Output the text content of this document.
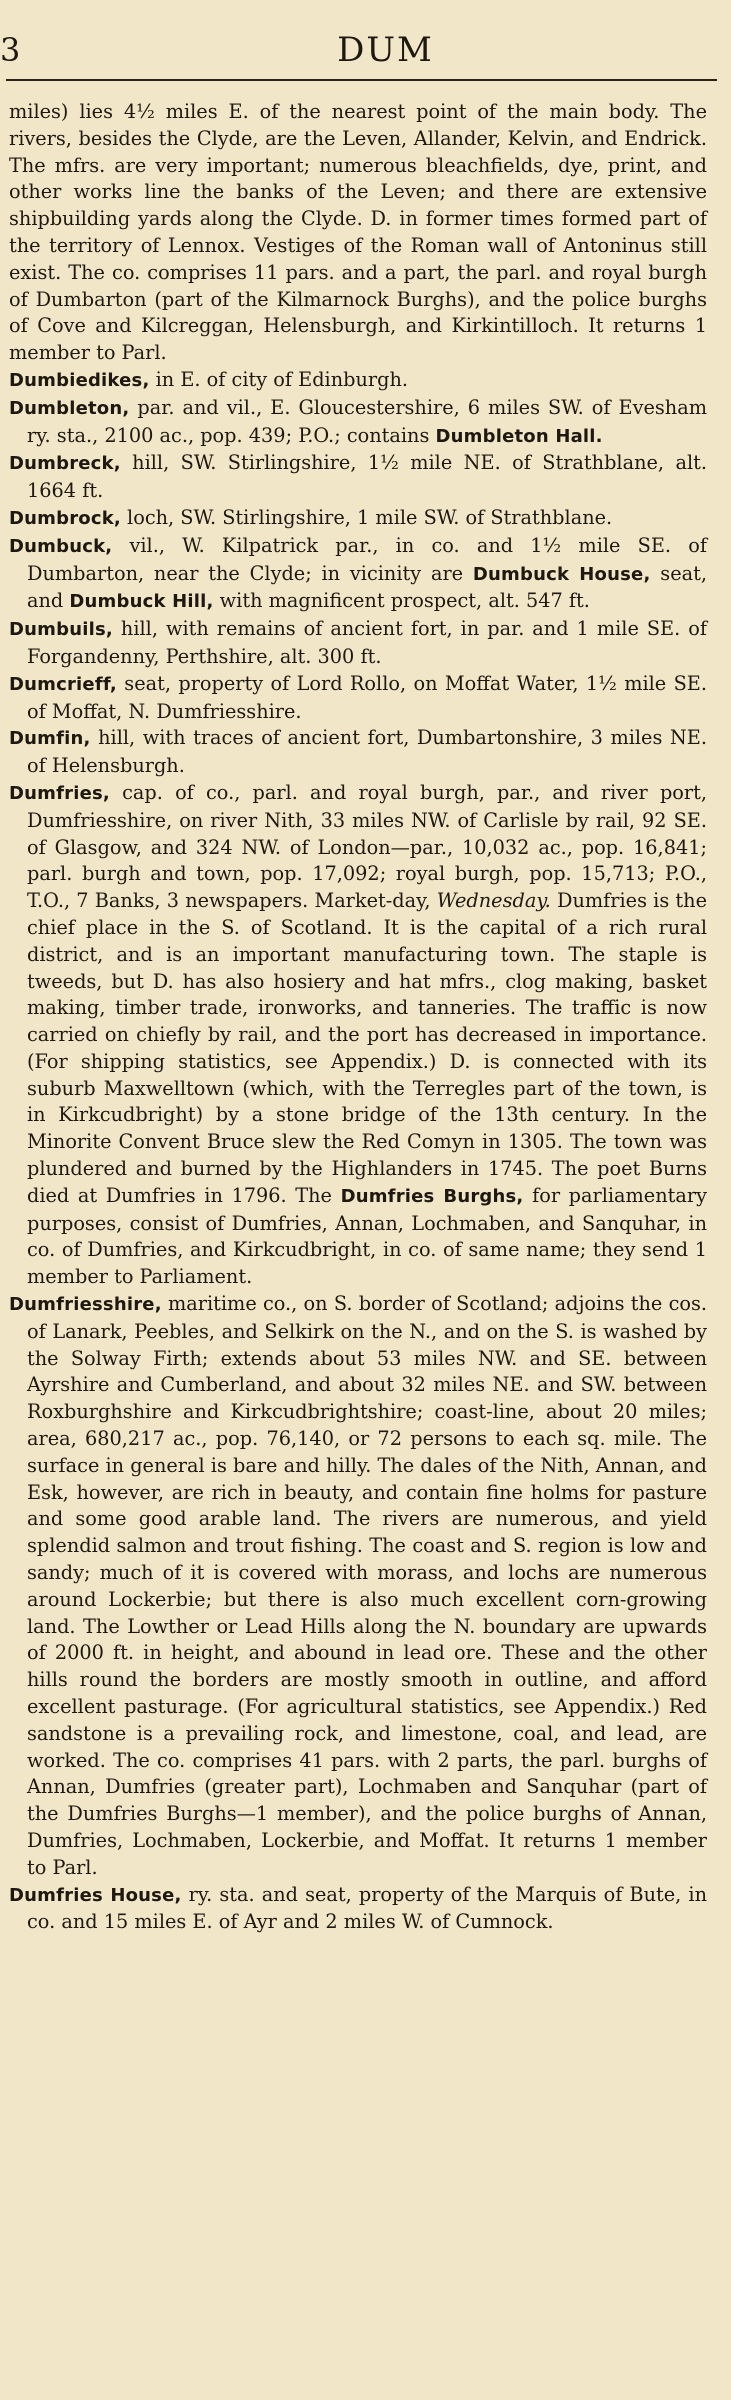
3	DUM

miles) lies 4½ miles E. of the nearest point of the main body. The rivers, besides the Clyde, are the Leven, Allander, Kelvin, and Endrick. The mfrs. are very important; numerous bleachfields, dye, print, and other works line the banks of the Leven; and there are extensive shipbuilding yards along the Clyde. D. in former times formed part of the territory of Lennox. Vestiges of the Roman wall of Antoninus still exist. The co. comprises 11 pars. and a part, the parl. and royal burgh of Dumbarton (part of the Kilmarnock Burghs), and the police burghs of Cove and Kilcreggan, Helensburgh, and Kirkintilloch. It returns 1 member to Parl.

Dumbiedikes, in E. of city of Edinburgh.

Dumbleton, par. and vil., E. Gloucestershire, 6 miles SW. of Evesham ry. sta., 2100 ac., pop. 439; P.O.; contains Dumbleton Hall.

Dumbreck, hill, SW. Stirlingshire, 1½ mile NE. of Strathblane, alt. 1664 ft.

Dumbrock, loch, SW. Stirlingshire, 1 mile SW. of Strathblane.

Dumbuck, vil., W. Kilpatrick par., in co. and 1½ mile SE. of Dumbarton, near the Clyde; in vicinity are Dumbuck House, seat, and Dumbuck Hill, with magnificent prospect, alt. 547 ft.

Dumbuils, hill, with remains of ancient fort, in par. and 1 mile SE. of Forgandenny, Perthshire, alt. 300 ft.

Dumcrieff, seat, property of Lord Rollo, on Moffat Water, 1½ mile SE. of Moffat, N. Dumfriesshire.

Dumfin, hill, with traces of ancient fort, Dumbartonshire, 3 miles NE. of Helensburgh.

Dumfries, cap. of co., parl. and royal burgh, par., and river port, Dumfriesshire, on river Nith, 33 miles NW. of Carlisle by rail, 92 SE. of Glasgow, and 324 NW. of London—par., 10,032 ac., pop. 16,841; parl. burgh and town, pop. 17,092; royal burgh, pop. 15,713; P.O., T.O., 7 Banks, 3 newspapers. Market-day, Wednesday. Dumfries is the chief place in the S. of Scotland. It is the capital of a rich rural district, and is an important manufacturing town. The staple is tweeds, but D. has also hosiery and hat mfrs., clog making, basket making, timber trade, ironworks, and tanneries. The traffic is now carried on chiefly by rail, and the port has decreased in importance. (For shipping statistics, see Appendix.) D. is connected with its suburb Maxwelltown (which, with the Terregles part of the town, is in Kirkcudbright) by a stone bridge of the 13th century. In the Minorite Convent Bruce slew the Red Comyn in 1305. The town was plundered and burned by the Highlanders in 1745. The poet Burns died at Dumfries in 1796. The Dumfries Burghs, for parliamentary purposes, consist of Dumfries, Annan, Lochmaben, and Sanquhar, in co. of Dumfries, and Kirkcudbright, in co. of same name; they send 1 member to Parliament.

Dumfriesshire, maritime co., on S. border of Scotland; adjoins the cos. of Lanark, Peebles, and Selkirk on the N., and on the S. is washed by the Solway Firth; extends about 53 miles NW. and SE. between Ayrshire and Cumberland, and about 32 miles NE. and SW. between Roxburghshire and Kirkcudbrightshire; coast-line, about 20 miles; area, 680,217 ac., pop. 76,140, or 72 persons to each sq. mile. The surface in general is bare and hilly. The dales of the Nith, Annan, and Esk, however, are rich in beauty, and contain fine holms for pasture and some good arable land. The rivers are numerous, and yield splendid salmon and trout fishing. The coast and S. region is low and sandy; much of it is covered with morass, and lochs are numerous around Lockerbie; but there is also much excellent corn-growing land. The Lowther or Lead Hills along the N. boundary are upwards of 2000 ft. in height, and abound in lead ore. These and the other hills round the borders are mostly smooth in outline, and afford excellent pasturage. (For agricultural statistics, see Appendix.) Red sandstone is a prevailing rock, and limestone, coal, and lead, are worked. The co. comprises 41 pars. with 2 parts, the parl. burghs of Annan, Dumfries (greater part), Lochmaben and Sanquhar (part of the Dumfries Burghs—1 member), and the police burghs of Annan, Dumfries, Lochmaben, Lockerbie, and Moffat. It returns 1 member to Parl.

Dumfries House, ry. sta. and seat, property of the Marquis of Bute, in co. and 15 miles E. of Ayr and 2 miles W. of Cumnock.
